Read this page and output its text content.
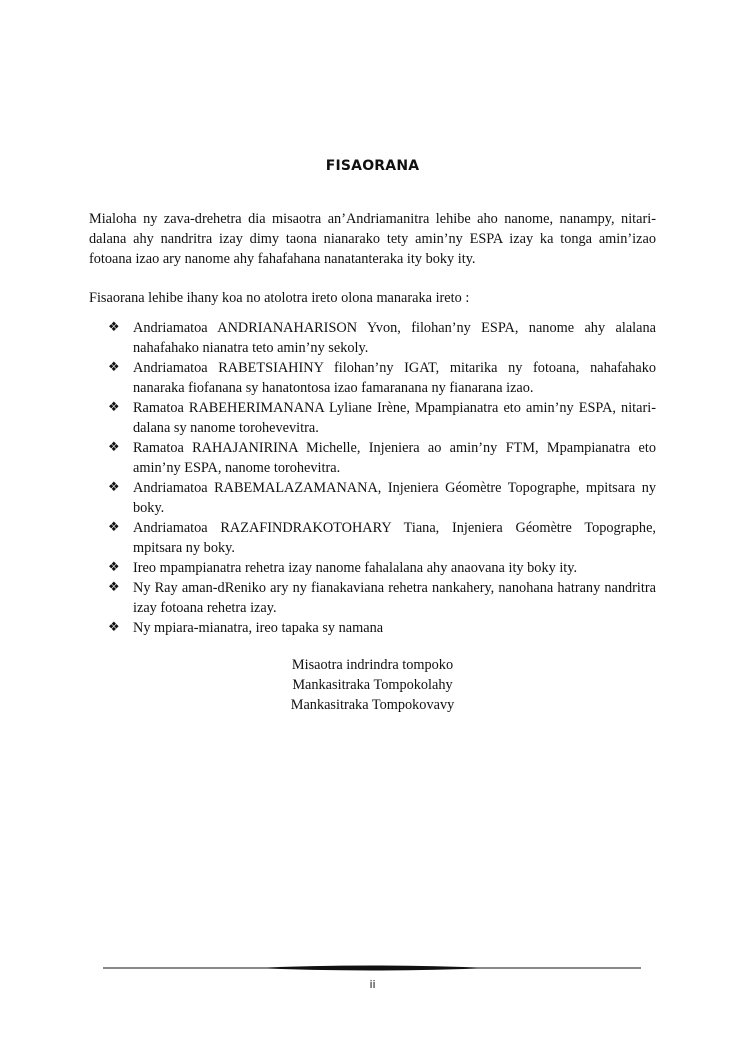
FISAORANA

Mialoha ny zava-drehetra dia misaotra an’Andriamanitra lehibe aho nanome, nanampy, nitari-dalana ahy nandritra izay dimy taona nianarako tety amin’ny ESPA izay ka tonga amin’izao fotoana izao ary nanome ahy fahafahana nanatanteraka ity boky ity.

Fisaorana lehibe ihany koa no atolotra ireto olona manaraka ireto :

❖ Andriamatoa ANDRIANAHARISON Yvon, filohan’ny ESPA, nanome ahy alalana nahafahako nianatra teto amin’ny sekoly.
❖ Andriamatoa RABETSIAHINY filohan’ny IGAT, mitarika ny fotoana, nahafahako nanaraka fiofanana sy hanatontosa izao famaranana ny fianarana izao.
❖ Ramatoa RABEHERIMANANA Lyliane Irène, Mpampianatra eto amin’ny ESPA, nitari-dalana sy nanome torohevevitra.
❖ Ramatoa RAHAJANIRINA Michelle, Injeniera ao amin’ny FTM, Mpampianatra eto amin’ny ESPA, nanome torohevitra.
❖ Andriamatoa RABEMALAZAMANANA, Injeniera Géomètre Topographe, mpitsara ny boky.
❖ Andriamatoa RAZAFINDRAKOTOHARY Tiana, Injeniera Géomètre Topographe, mpitsara ny boky.
❖ Ireo mpampianatra rehetra izay nanome fahalalana ahy anaovana ity boky ity.
❖ Ny Ray aman-dReniko ary ny fianakaviana rehetra nankahery, nanohana hatrany nandritra izay fotoana rehetra izay.
❖ Ny mpiara-mianatra, ireo tapaka sy namana
Misaotra indrindra tompoko
Mankasitraka Tompokolahy
Mankasitraka Tompokovavy
ii
